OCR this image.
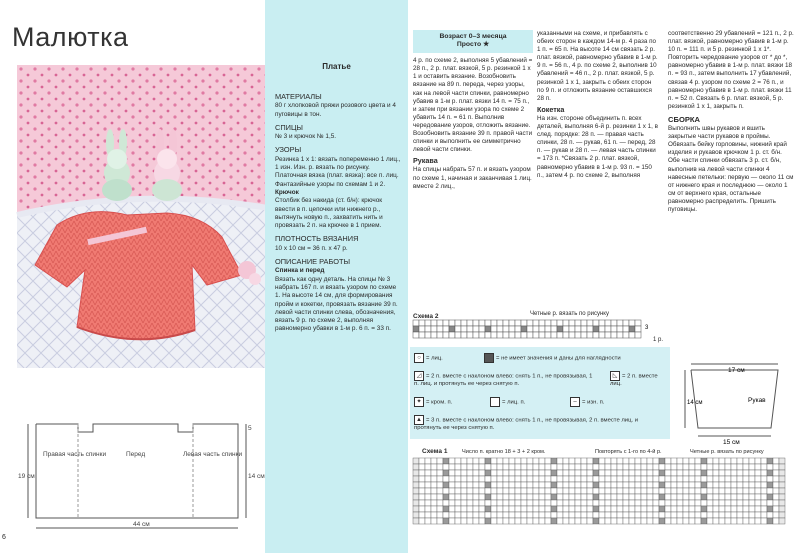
Малютка
Правая часть спинки	Перед	Левая часть спинки
44 см
14 см
19 см
5
6
Платье
МАТЕРИАЛЫ

80 г хлопковой пряжи розового цвета и 4 пуговицы в тон.

СПИЦЫ

№ 3 и крючок № 1,5.

УЗОРЫ

Резинка 1 х 1: вязать попеременно 1 лиц., 1 изн. Изн. р. вязать по рисунку.

Платочная вязка (плат. вязка): все п. лиц.

Фантазийные узоры по схемам 1 и 2.

Крючок

Столбик без накида (ст. б/н): крючок ввести в п. цепочки или нижнего р., вытянуть новую п., захватить нить и провязать 2 п. на крючке в 1 прием.

ПЛОТНОСТЬ ВЯЗАНИЯ

10 х 10 см = 36 п. х 47 р.

ОПИСАНИЕ РАБОТЫ

Спинка и перед

Вязать как одну деталь. На спицы № 3 набрать 167 п. и вязать узором по схеме 1. На высоте 14 см, для формирования пройм и кокетки, провязать вязание 39 п. левой части спинки слева, обозначения, вязать 9 р. по схеме 2, выполняя равномерно убавки в 1-м р. 6 п. = 33 п.

Возраст 0–3 месяца
Просто ★

4 р. по схеме 2, выполняя 5 убавлений = 28 п., 2 р. плат. вязкой, 5 р. резинкой 1 х 1 и оставить вязание. Возобновить вязание на 89 п. переда, через узоры, как на левой части спинки, равномерно убавив в 1-м р. плат. вязки 14 п. = 75 п., и затем при вязании узора по схеме 2 убавить 14 п. = 61 п. Выполнив чередование узоров, отложить вязание. Возобновить вязание 39 п. правой части спинки и выполнить ее симметрично левой части спинки.

Рукава

На спицы набрать 57 п. и вязать узором по схеме 1, начиная и заканчивая 1 лиц. вместе 2 лиц.,

указанными на схеме, и прибавлять с обеих сторон в каждом 14-м р. 4 раза по 1 п. = 65 п. На высоте 14 см связать 2 р. плат. вязкой, равномерно убавив в 1-м р. 9 п. = 56 п., 4 р. по схеме 2, выполнив 10 убавлений = 46 п., 2 р. плат. вязкой, 5 р. резинкой 1 х 1, закрыть с обеих сторон по 9 п. и отложить вязание оставшихся 28 п.

Кокетка

На изн. стороне объединить п. всех деталей, выполняя 6-й р. резинки 1 х 1, в след. порядке: 28 п. — правая часть спинки, 28 п. — рукав, 61 п. — перед, 28 п. — рукав и 28 п. — левая часть спинки = 173 п. *Связать 2 р. плат. вязкой, равномерно убавив в 1-м р. 93 п. = 150 п., затем 4 р. по схеме 2, выполняя

соответственно 29 убавлений = 121 п., 2 р. плат. вязкой, равномерно убавив в 1-м р. 10 п. = 111 п. и 5 р. резинкой 1 х 1*. Повторить чередование узоров от * до *, равномерно убавив в 1-м р. плат. вязки 18 п. = 93 п., затем выполнить 17 убавлений, связав 4 р. узором по схеме 2 = 76 п., и равномерно убавив в 1-м р. плат. вязки 11 п. = 52 п. Связать 6 р. плат. вязкой, 5 р. резинкой 1 х 1, закрыть п.

СБОРКА

Выполнить швы рукавов и вшить закрытые части рукавов в проймы. Обвязать бейку горловины, нижний край изделия и рукавов крючком 1 р. ст. б/н. Обе части спинки обвязать 3 р. ст. б/н, выполнив на левой части спинки 4 навесные петельки: первую — около 11 см от нижнего края и последнюю — около 1 см от верхнего края, остальные равномерно распределить. Пришить пуговицы.

17 см
Рукав
15 см
14 см
Схема 2	Четные р. вязать по рисунку
3
1 р.
○ = лиц.	= не имеет значения и даны для наглядности
◿ = 2 п. вместе с наклоном влево: снять 1 п., не провязывая, 1 п. лиц. и протянуть ее через снятую п.
◺ = 2 п. вместе лиц.
✦ = кром. п.	= лиц. п.	– = изн. п.
▲ = 3 п. вместе с наклоном влево: снять 1 п., не провязывая, 2 п. вместе лиц. и протянуть ее через снятую п.
Схема 1	Число п. кратно 18 + 3 + 2 кром.	Повторять с 1-го по 4-й р.	Четные р. вязать по рисунку
